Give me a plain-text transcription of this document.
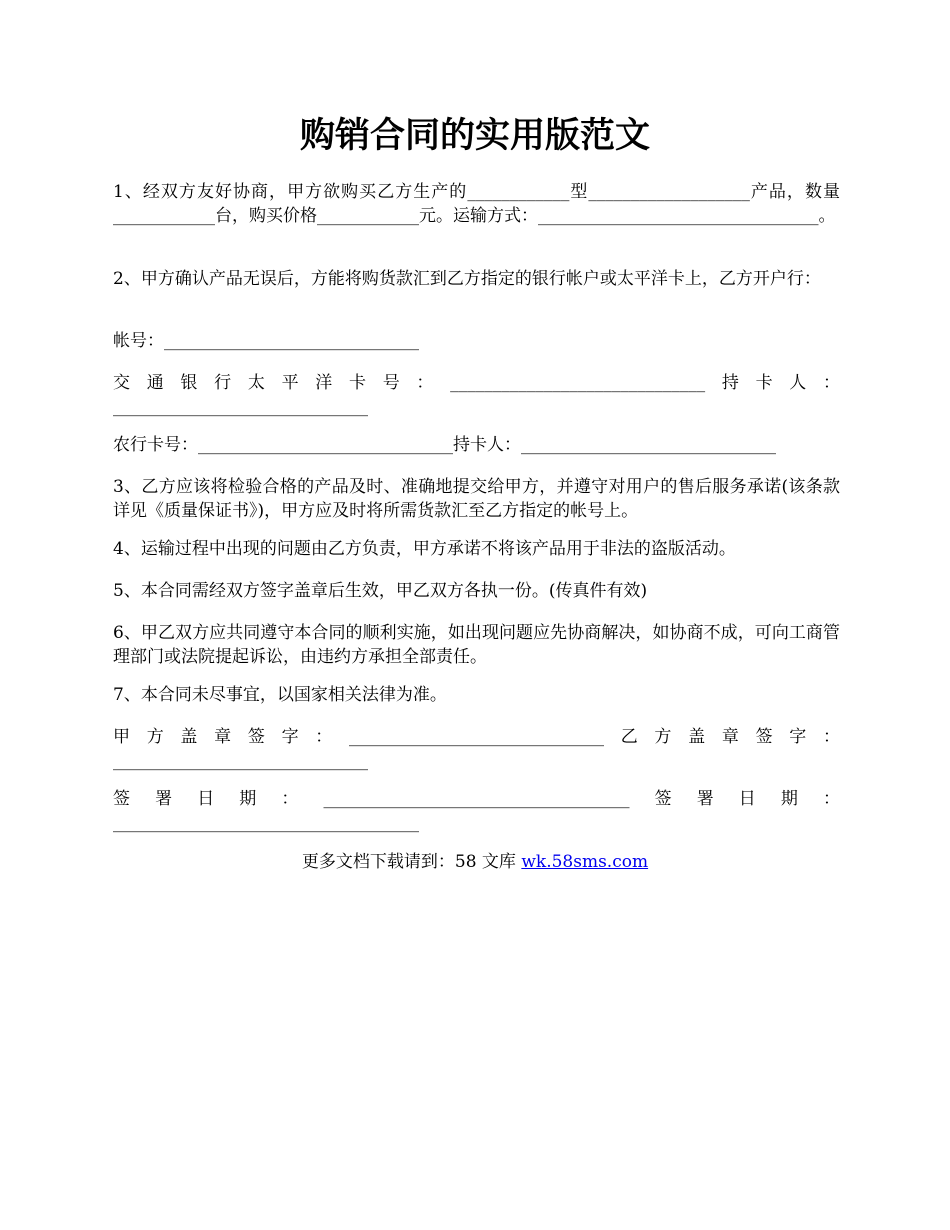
购销合同的实用版范文

1、经双方友好协商，甲方欲购买乙方生产的____________型___________________产品，数量____________台，购买价格____________元。运输方式：_________________________________。

2、甲方确认产品无误后，方能将购货款汇到乙方指定的银行帐户或太平洋卡上，乙方开户行：

帐号：______________________________

交通银行太平洋卡号：______________________________持卡人：______________________________

农行卡号：______________________________持卡人：______________________________

3、乙方应该将检验合格的产品及时、准确地提交给甲方，并遵守对用户的售后服务承诺(该条款详见《质量保证书》)，甲方应及时将所需货款汇至乙方指定的帐号上。

4、运输过程中出现的问题由乙方负责，甲方承诺不将该产品用于非法的盗版活动。

5、本合同需经双方签字盖章后生效，甲乙双方各执一份。(传真件有效)

6、甲乙双方应共同遵守本合同的顺利实施，如出现问题应先协商解决，如协商不成，可向工商管理部门或法院提起诉讼，由违约方承担全部责任。

7、本合同未尽事宜，以国家相关法律为准。

甲方盖章签字：______________________________乙方盖章签字：______________________________

签署日期：____________________________________签署日期：____________________________________

更多文档下载请到：58 文库 wk.58sms.com
